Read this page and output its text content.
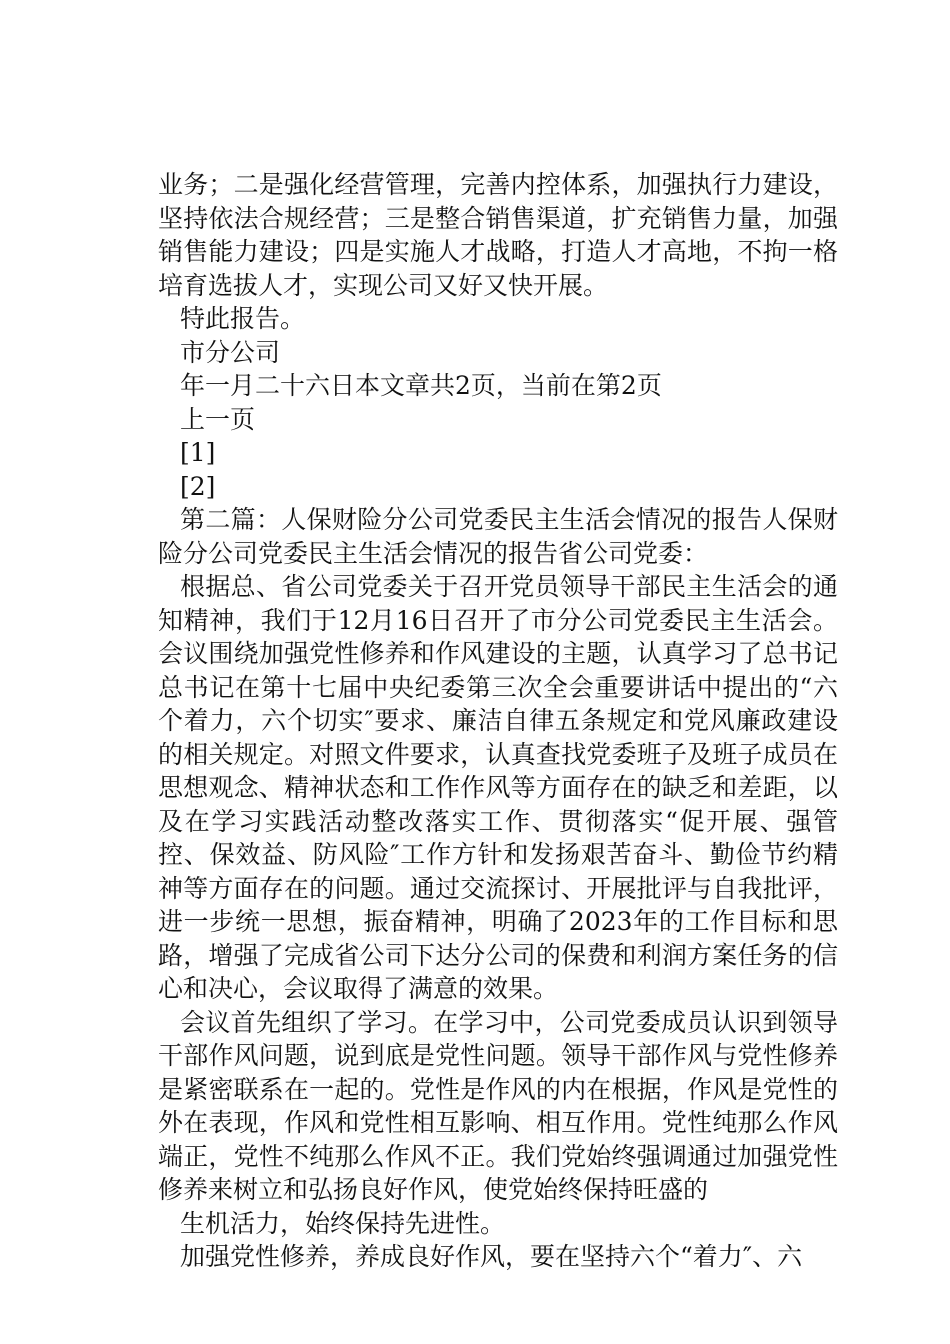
业务；二是强化经营管理，完善内控体系，加强执行力建设，坚持依法合规经营；三是整合销售渠道，扩充销售力量，加强销售能力建设；四是实施人才战略，打造人才高地，不拘一格培育选拔人才，实现公司又好又快开展。

特此报告。

市分公司

年一月二十六日本文章共2页，当前在第2页

上一页

[1]

[2]

第二篇：人保财险分公司党委民主生活会情况的报告人保财险分公司党委民主生活会情况的报告省公司党委：

根据总、省公司党委关于召开党员领导干部民主生活会的通知精神，我们于12月16日召开了市分公司党委民主生活会。会议围绕加强党性修养和作风建设的主题，认真学习了总书记总书记在第十七届中央纪委第三次全会重要讲话中提出的“六个着力，六个切实″要求、廉洁自律五条规定和党风廉政建设的相关规定。对照文件要求，认真查找党委班子及班子成员在思想观念、精神状态和工作作风等方面存在的缺乏和差距，以及在学习实践活动整改落实工作、贯彻落实“促开展、强管控、保效益、防风险″工作方针和发扬艰苦奋斗、勤俭节约精神等方面存在的问题。通过交流探讨、开展批评与自我批评，进一步统一思想，振奋精神，明确了2023年的工作目标和思路，增强了完成省公司下达分公司的保费和利润方案任务的信心和决心，会议取得了满意的效果。

会议首先组织了学习。在学习中，公司党委成员认识到领导干部作风问题，说到底是党性问题。领导干部作风与党性修养是紧密联系在一起的。党性是作风的内在根据，作风是党性的外在表现，作风和党性相互影响、相互作用。党性纯那么作风端正，党性不纯那么作风不正。我们党始终强调通过加强党性修养来树立和弘扬良好作风，使党始终保持旺盛的

生机活力，始终保持先进性。

加强党性修养，养成良好作风，要在坚持六个“着力″、六
